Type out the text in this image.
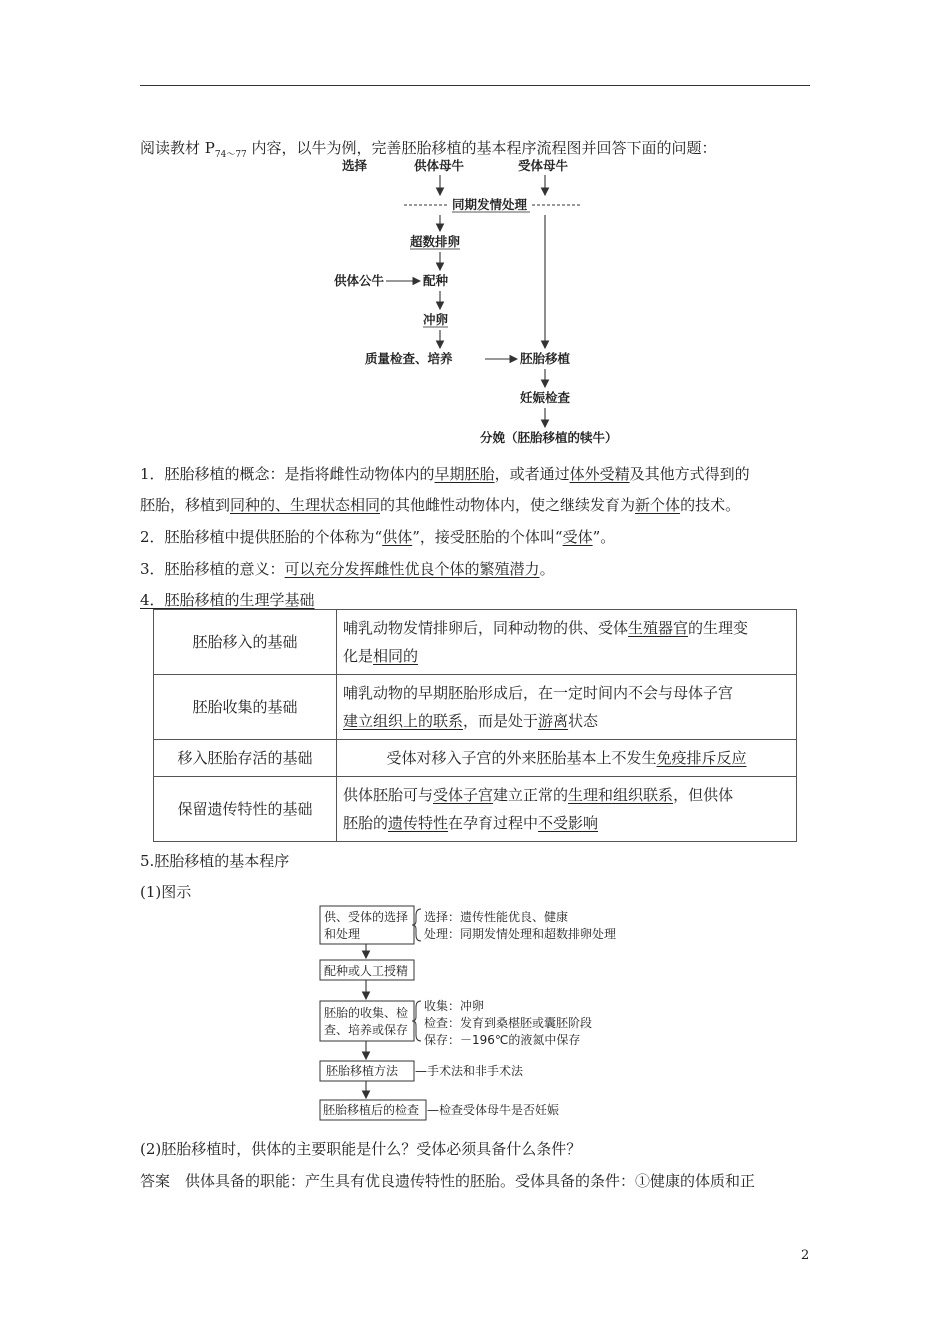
阅读教材 $P_{74\sim 77}$ 内容，以牛为例，完善胚胎移植的基本程序流程图并回答下面的问题：
选择	供体母牛	受体母牛
同期发情处理
超数排卵
供体公牛	配种
冲卵
质量检查、培养	胚胎移植
妊娠检查
分娩（胚胎移植的犊牛）
1．胚胎移植的概念：是指将雌性动物体内的早期胚胎，或者通过体外受精及其他方式得到的
胚胎，移植到同种的、生理状态相同的其他雌性动物体内，使之继续发育为新个体的技术。
2．胚胎移植中提供胚胎的个体称为“供体”，接受胚胎的个体叫“受体”。
3．胚胎移植的意义：可以充分发挥雌性优良个体的繁殖潜力。
4．胚胎移植的生理学基础
胚胎移入的基础	哺乳动物发情排卵后，同种动物的供、受体生殖器官的生理变
化是相同的
胚胎收集的基础	哺乳动物的早期胚胎形成后，在一定时间内不会与母体子宫
建立组织上的联系，而是处于游离状态
移入胚胎存活的基础	受体对移入子宫的外来胚胎基本上不发生免疫排斥反应
保留遗传特性的基础	供体胚胎可与受体子宫建立正常的生理和组织联系，但供体
胚胎的遗传特性在孕育过程中不受影响
5.胚胎移植的基本程序
(1)图示
供、受体的选择
和处理
选择：遗传性能优良、健康
处理：同期发情处理和超数排卵处理
配种或人工授精
胚胎的收集、检
查、培养或保存
收集：冲卵
检查：发育到桑椹胚或囊胚阶段
保存：－196℃的液氮中保存
胚胎移植方法 —手术法和非手术法
胚胎移植后的检查 —检查受体母牛是否妊娠
(2)胚胎移植时，供体的主要职能是什么？受体必须具备什么条件？
答案　供体具备的职能：产生具有优良遗传特性的胚胎。受体具备的条件：①健康的体质和正
2
